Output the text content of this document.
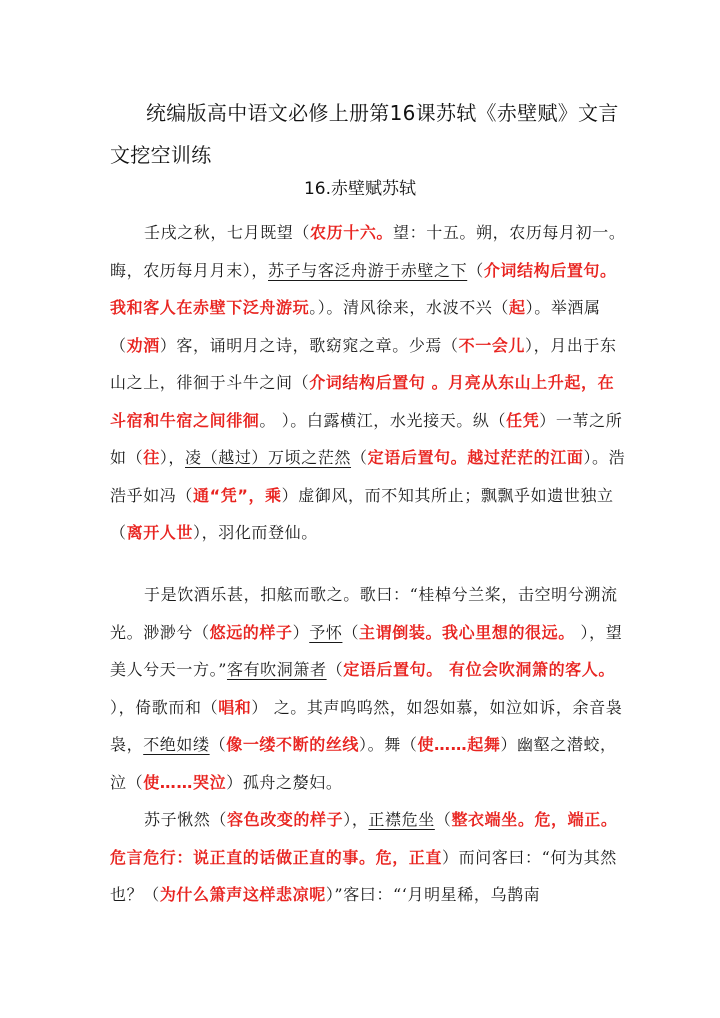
统编版高中语文必修上册第16课苏轼《赤壁赋》文言文挖空训练
16.赤壁赋苏轼

壬戌之秋，七月既望（农历十六。望：十五。朔，农历每月初一。晦，农历每月月末），苏子与客泛舟游于赤壁之下（介词结构后置句。我和客人在赤壁下泛舟游玩。）。清风徐来，水波不兴（起）。举酒属（劝酒）客，诵明月之诗，歌窈窕之章。少焉（不一会儿），月出于东山之上，徘徊于斗牛之间（介词结构后置句 。月亮从东山上升起，在斗宿和牛宿之间徘徊。 ）。白露横江，水光接天。纵（任凭）一苇之所如（往），凌（越过）万顷之茫然（定语后置句。越过茫茫的江面）。浩浩乎如冯（通“凭”，乘）虚御风，而不知其所止；飘飘乎如遗世独立（离开人世），羽化而登仙。

于是饮酒乐甚，扣舷而歌之。歌曰：“桂棹兮兰桨，击空明兮溯流光。渺渺兮（悠远的样子）予怀（主谓倒装。我心里想的很远。 ），望美人兮天一方。”客有吹洞箫者（定语后置句。 有位会吹洞箫的客人。 ），倚歌而和（唱和） 之。其声呜呜然，如怨如慕，如泣如诉，余音袅袅，不绝如缕（像一缕不断的丝线）。舞（使……起舞）幽壑之潜蛟，泣（使……哭泣）孤舟之嫠妇。

苏子愀然（容色改变的样子），正襟危坐（整衣端坐。危，端正。危言危行：说正直的话做正直的事。危，正直）而问客曰：“何为其然也？（为什么箫声这样悲凉呢）”客曰：“‘月明星稀，乌鹊南
